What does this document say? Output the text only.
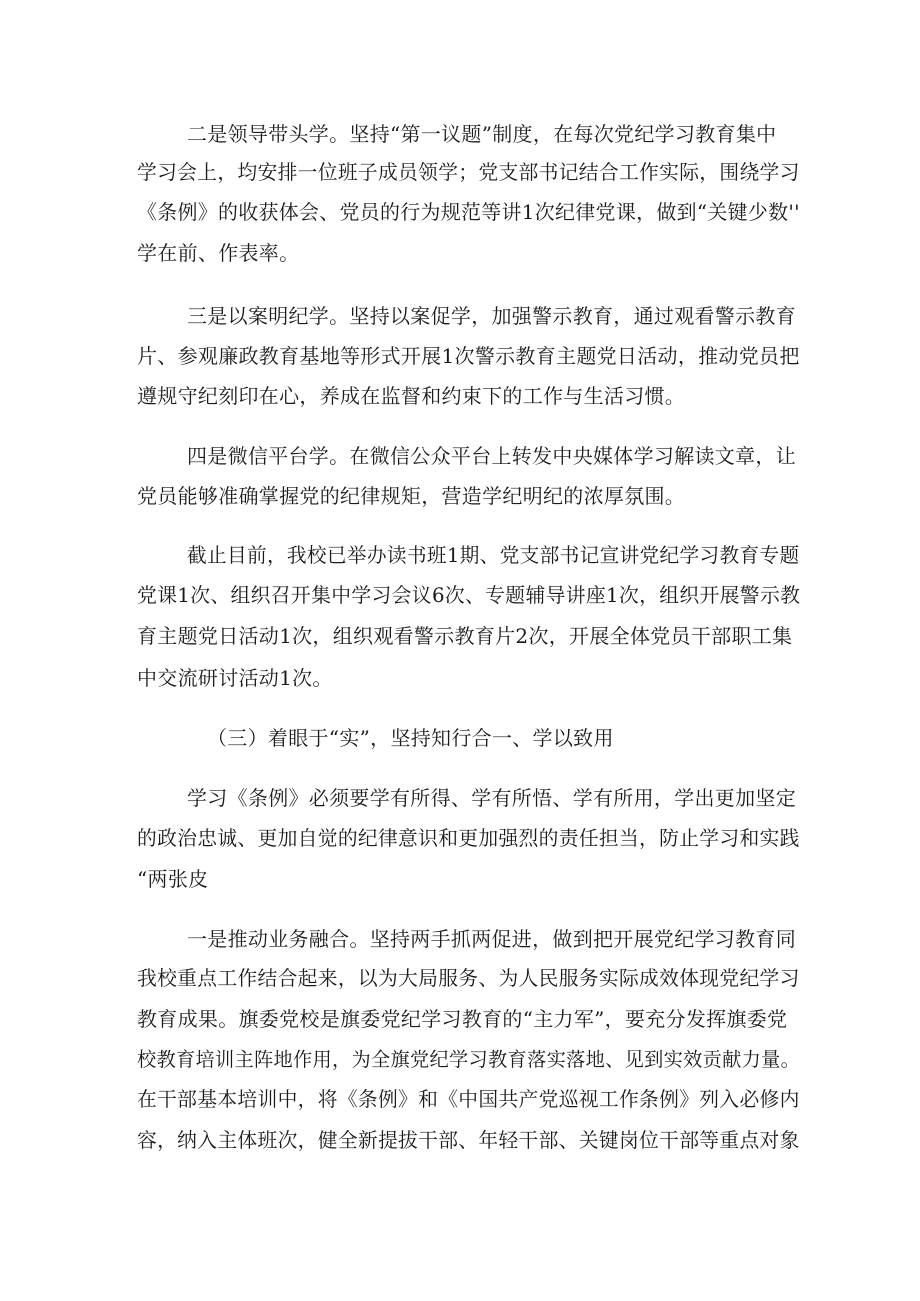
二是领导带头学。坚持“第一议题”制度，在每次党纪学习教育集中

学习会上，均安排一位班子成员领学；党支部书记结合工作实际，围绕学习

《条例》的收获体会、党员的行为规范等讲1次纪律党课，做到“关键少数''

学在前、作表率。

三是以案明纪学。坚持以案促学，加强警示教育，通过观看警示教育

片、参观廉政教育基地等形式开展1次警示教育主题党日活动，推动党员把

遵规守纪刻印在心，养成在监督和约束下的工作与生活习惯。

四是微信平台学。在微信公众平台上转发中央媒体学习解读文章，让

党员能够准确掌握党的纪律规矩，营造学纪明纪的浓厚氛围。

截止目前，我校已举办读书班1期、党支部书记宣讲党纪学习教育专题

党课1次、组织召开集中学习会议6次、专题辅导讲座1次，组织开展警示教

育主题党日活动1次，组织观看警示教育片2次，开展全体党员干部职工集

中交流研讨活动1次。

（三）着眼于“实”，坚持知行合一、学以致用

学习《条例》必须要学有所得、学有所悟、学有所用，学出更加坚定

的政治忠诚、更加自觉的纪律意识和更加强烈的责任担当，防止学习和实践

“两张皮

一是推动业务融合。坚持两手抓两促进，做到把开展党纪学习教育同

我校重点工作结合起来，以为大局服务、为人民服务实际成效体现党纪学习

教育成果。旗委党校是旗委党纪学习教育的“主力军”，要充分发挥旗委党

校教育培训主阵地作用，为全旗党纪学习教育落实落地、见到实效贡献力量。

在干部基本培训中，将《条例》和《中国共产党巡视工作条例》列入必修内

容，纳入主体班次，健全新提拔干部、年轻干部、关键岗位干部等重点对象
